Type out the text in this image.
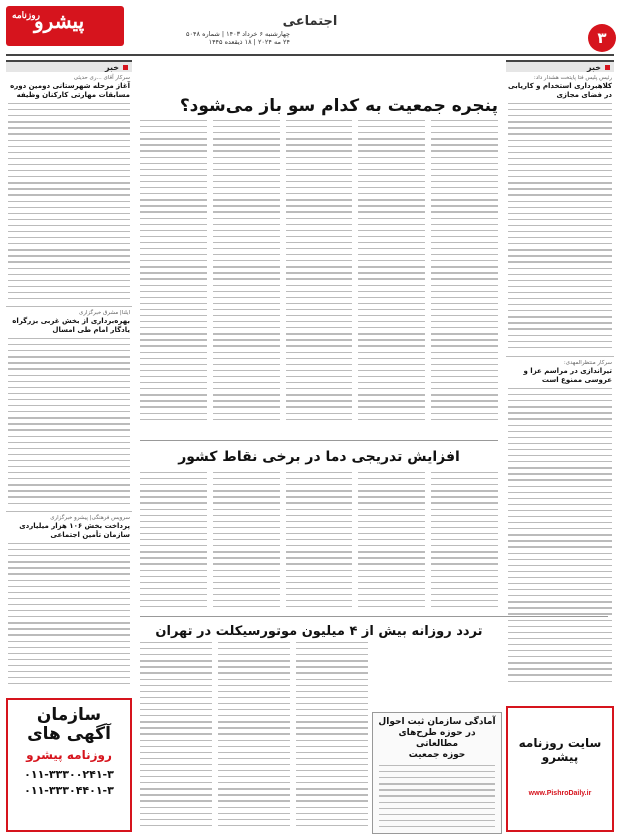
روزنامه
پیشرو
چهارشنبه ۶ خرداد ۱۴۰۳ | شماره ۵۰۴۸
۲۴ مه ۲۰۲۴ | ۱۸ ذیقعده ۱۴۴۵
اجتماعی
۳
خبر
سرکار آقای ...ری حدیثی
آغاز مرحله شهرستانی دومین دوره مسابقات مهارتی کارکنان وظیفه
ایلنا| مشرق خبرگزاری
بهره‌برداری از بخش غربی بزرگراه یادگار امام طی امسال
سرویس فرهنگی| پیشرو خبرگزاری
پرداخت بخش ۱۰۶ هزار میلیاردی سازمان تأمین اجتماعی
سازمان
آگهی های
روزنامه پیشرو
۰۱۱-۳۳۳۰۰۲۴۱-۳
۰۱۱-۳۳۳۰۴۴۰۱-۳
پنجره جمعیت به کدام سو باز می‌شود؟
افزایش تدریجی دما در برخی نقاط کشور
تردد روزانه بیش از ۴ میلیون موتورسیکلت در تهران
آمادگی سازمان ثبت احوال
در حوزه طرح‌های مطالعاتی
حوزه جمعیت
خبر
رئیس پلیس فتا پایتخت هشدار داد:
کلاهبرداری استخدام و کاریابی در فضای مجازی
سرکار منتظرالمهدی:
تیراندازی در مراسم عزا و عروسی ممنوع است
سایت روزنامه پیشرو
www.PishroDaily.ir
